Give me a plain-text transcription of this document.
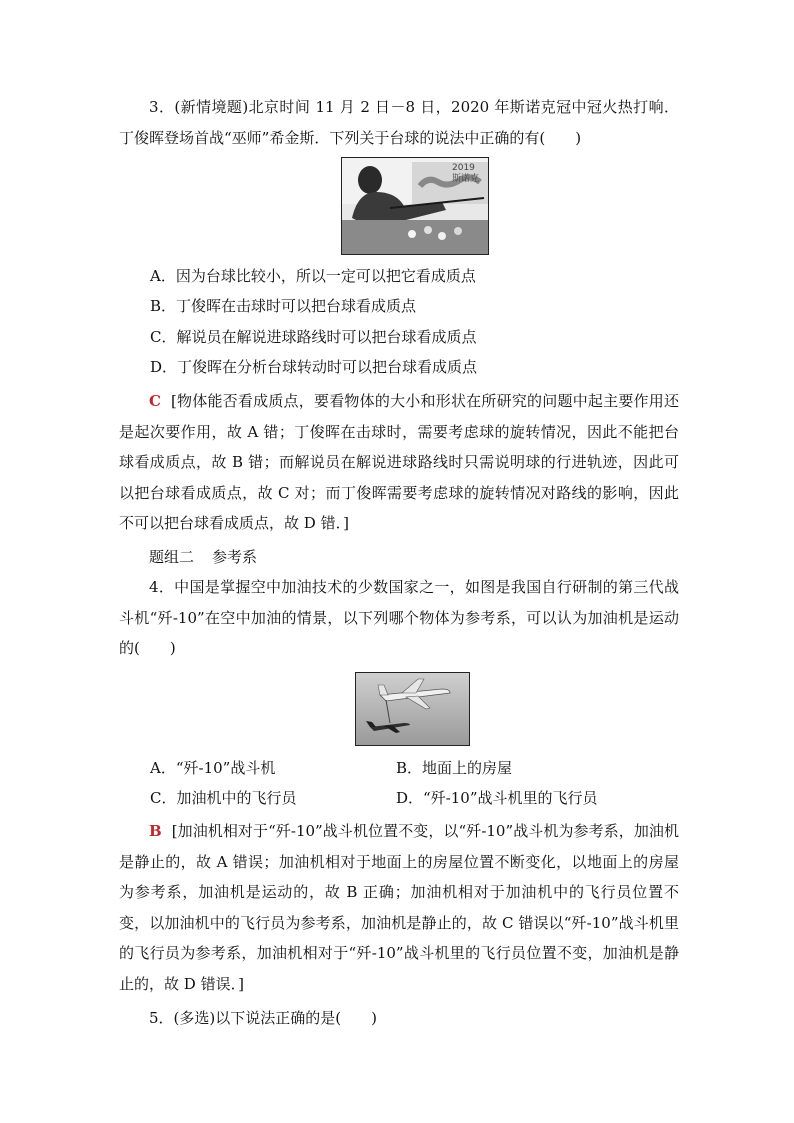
3．(新情境题)北京时间 11 月 2 日－8 日，2020 年斯诺克冠中冠火热打响．丁俊晖登场首战“巫师”希金斯．下列关于台球的说法中正确的有(　　)
2019 斯诺克
A．因为台球比较小，所以一定可以把它看成质点
B．丁俊晖在击球时可以把台球看成质点
C．解说员在解说进球路线时可以把台球看成质点
D．丁俊晖在分析台球转动时可以把台球看成质点
C [物体能否看成质点，要看物体的大小和形状在所研究的问题中起主要作用还是起次要作用，故 A 错；丁俊晖在击球时，需要考虑球的旋转情况，因此不能把台球看成质点，故 B 错；而解说员在解说进球路线时只需说明球的行进轨迹，因此可以把台球看成质点，故 C 对；而丁俊晖需要考虑球的旋转情况对路线的影响，因此不可以把台球看成质点，故 D 错．]
题组二 参考系
4．中国是掌握空中加油技术的少数国家之一，如图是我国自行研制的第三代战斗机“歼-10”在空中加油的情景，以下列哪个物体为参考系，可以认为加油机是运动的(　　)
A．“歼-10”战斗机	B．地面上的房屋
C．加油机中的飞行员	D．“歼-10”战斗机里的飞行员
B [加油机相对于“歼-10”战斗机位置不变，以“歼-10”战斗机为参考系，加油机是静止的，故 A 错误；加油机相对于地面上的房屋位置不断变化，以地面上的房屋为参考系，加油机是运动的，故 B 正确；加油机相对于加油机中的飞行员位置不变，以加油机中的飞行员为参考系，加油机是静止的，故 C 错误以“歼-10”战斗机里的飞行员为参考系，加油机相对于“歼-10”战斗机里的飞行员位置不变，加油机是静止的，故 D 错误．]
5．(多选)以下说法正确的是(　　)
